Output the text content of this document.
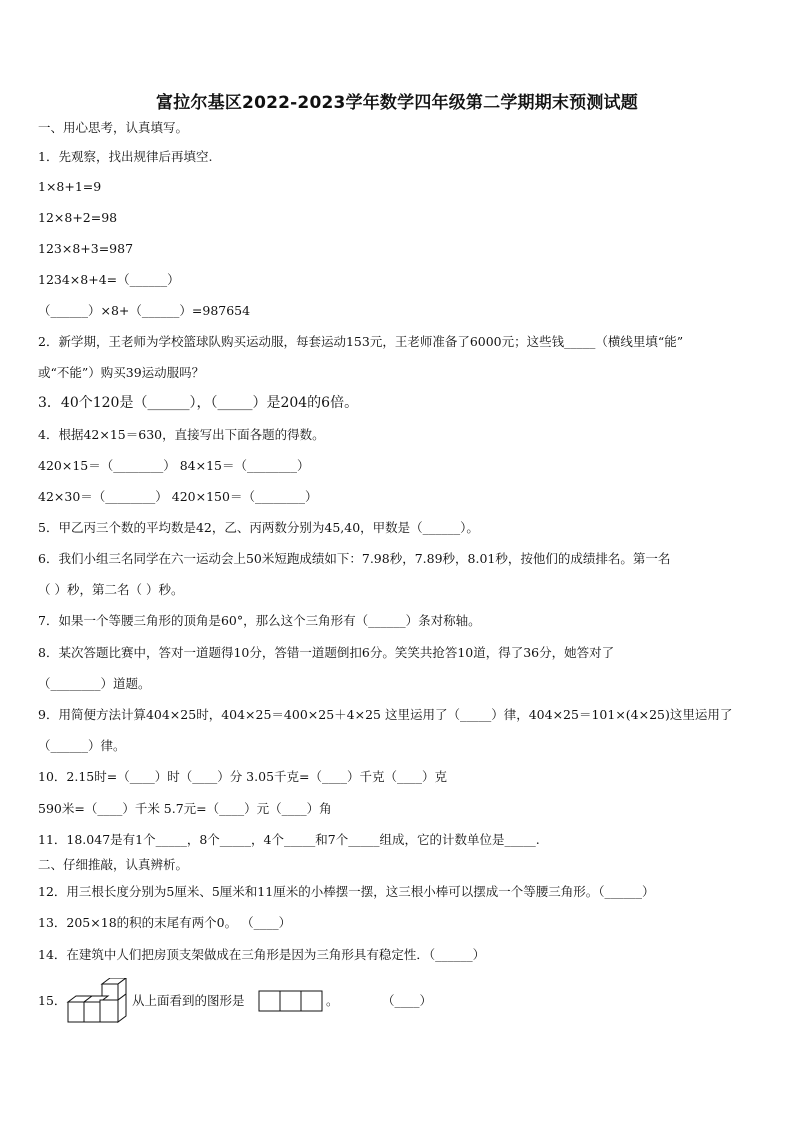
富拉尔基区2022-2023学年数学四年级第二学期期末预测试题
一、用心思考，认真填写。
1．先观察，找出规律后再填空.
1×8+1=9
12×8+2=98
123×8+3=987
1234×8+4=（______）
（______）×8+（______）=987654
2．新学期，王老师为学校篮球队购买运动服，每套运动153元，王老师准备了6000元；这些钱_____（横线里填“能”
或“不能”）购买39运动服吗？
3．40个120是（______），（_____）是204的6倍。
4．根据42×15＝630，直接写出下面各题的得数。
420×15＝（________） 84×15＝（________）
42×30＝（________） 420×150＝（________）
5．甲乙丙三个数的平均数是42，乙、丙两数分别为45,40，甲数是（______）。
6．我们小组三名同学在六一运动会上50米短跑成绩如下：7.98秒，7.89秒，8.01秒，按他们的成绩排名。第一名
（ ）秒，第二名（ ）秒。
7．如果一个等腰三角形的顶角是60°，那么这个三角形有（______）条对称轴。
8．某次答题比赛中，答对一道题得10分，答错一道题倒扣6分。笑笑共抢答10道，得了36分，她答对了
（________）道题。
9．用简便方法计算404×25时，404×25＝400×25＋4×25 这里运用了（_____）律，404×25＝101×(4×25)这里运用了
（______）律。
10．2.15时=（____）时（____）分 3.05千克=（____）千克（____）克
590米=（____）千米 5.7元=（____）元（____）角
11．18.047是有1个_____，8个_____，4个_____和7个_____组成，它的计数单位是_____.
二、仔细推敲，认真辨析。
12．用三根长度分别为5厘米、5厘米和11厘米的小棒摆一摆，这三根小棒可以摆成一个等腰三角形。（______）
13．205×18的积的末尾有两个0。 （____）
14．在建筑中人们把房顶支架做成在三角形是因为三角形具有稳定性．（______）
15．	从上面看到的图形是	。	（____）
